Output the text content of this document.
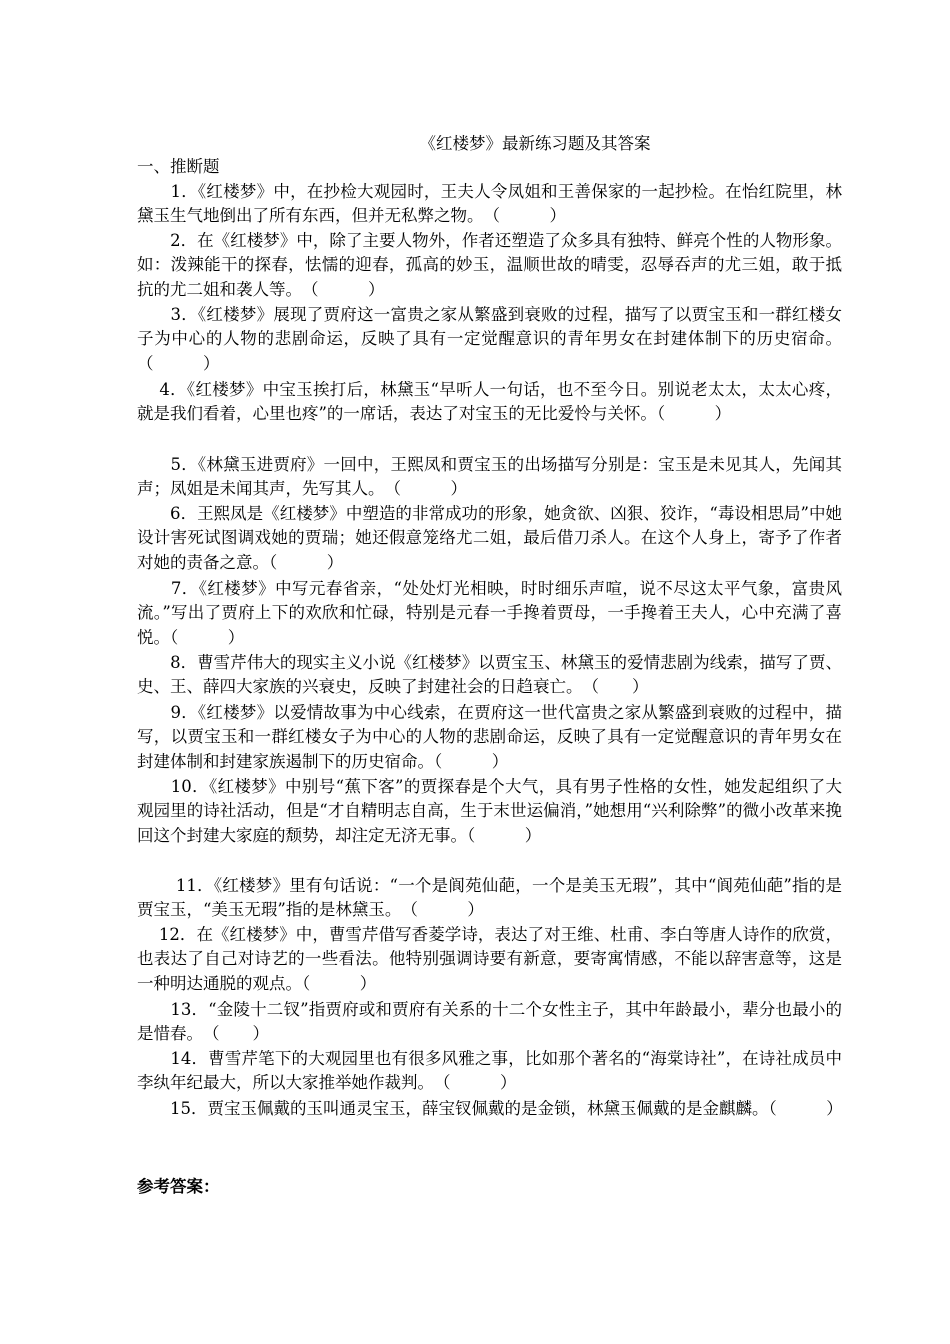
《红楼梦》最新练习题及其答案
一、推断题

　　1．《红楼梦》中，在抄检大观园时，王夫人令凤姐和王善保家的一起抄检。在怡红院里，林黛玉生气地倒出了所有东西，但并无私弊之物。　（　　　）

　　2．在《红楼梦》中，除了主要人物外，作者还塑造了众多具有独特、鲜亮个性的人物形象。如：泼辣能干的探春，怯懦的迎春，孤高的妙玉，温顺世故的晴雯，忍辱吞声的尤三姐，敢于抵抗的尤二姐和袭人等。　（　　　）

　　3．《红楼梦》展现了贾府这一富贵之家从繁盛到衰败的过程，描写了以贾宝玉和一群红楼女子为中心的人物的悲剧命运，反映了具有一定觉醒意识的青年男女在封建体制下的历史宿命。（　　　）

　 4．《红楼梦》中宝玉挨打后，林黛玉“早听人一句话，也不至今日。别说老太太，太太心疼，就是我们看着，心里也疼”的一席话，表达了对宝玉的无比爱怜与关怀。（　　　）

　　5．《林黛玉进贾府》一回中，王熙凤和贾宝玉的出场描写分别是：宝玉是未见其人，先闻其声；凤姐是未闻其声，先写其人。　（　　　）

　　6．王熙凤是《红楼梦》中塑造的非常成功的形象，她贪欲、凶狠、狡诈，“毒设相思局”中她设计害死试图调戏她的贾瑞；她还假意笼络尤二姐，最后借刀杀人。在这个人身上，寄予了作者对她的责备之意。（　　　）

　　7．《红楼梦》中写元春省亲，“处处灯光相映，时时细乐声喧，说不尽这太平气象，富贵风流。”写出了贾府上下的欢欣和忙碌，特别是元春一手搀着贾母，一手搀着王夫人，心中充满了喜悦。（　　　）

　　8．曹雪芹伟大的现实主义小说《红楼梦》以贾宝玉、林黛玉的爱情悲剧为线索，描写了贾、史、王、薛四大家族的兴衰史，反映了封建社会的日趋衰亡。　（　　）

　　9．《红楼梦》以爱情故事为中心线索，在贾府这一世代富贵之家从繁盛到衰败的过程中，描写，以贾宝玉和一群红楼女子为中心的人物的悲剧命运，反映了具有一定觉醒意识的青年男女在封建体制和封建家族遏制下的历史宿命。（　　　）

　　10．《红楼梦》中别号“蕉下客”的贾探春是个大气，具有男子性格的女性，她发起组织了大观园里的诗社活动，但是“才自精明志自高，生于末世运偏消，”她想用“兴利除弊”的微小改革来挽回这个封建大家庭的颓势，却注定无济无事。（　　　）

　　 11．《红楼梦》里有句话说：“一个是阆苑仙葩，一个是美玉无瑕”，其中“阆苑仙葩”指的是贾宝玉，“美玉无瑕”指的是林黛玉。　（　　　）

　 12．在《红楼梦》中，曹雪芹借写香菱学诗，表达了对王维、杜甫、李白等唐人诗作的欣赏，也表达了自己对诗艺的一些看法。他特别强调诗要有新意，要寄寓情感，不能以辞害意等，这是一种明达通脱的观点。（　　　）

　　13．“金陵十二钗”指贾府或和贾府有关系的十二个女性主子，其中年龄最小，辈分也最小的是惜春。　（　　）

　　14．曹雪芹笔下的大观园里也有很多风雅之事，比如那个著名的“海棠诗社”，在诗社成员中李纨年纪最大，所以大家推举她作裁判。　（　　　）

　　15．贾宝玉佩戴的玉叫通灵宝玉，薛宝钗佩戴的是金锁，林黛玉佩戴的是金麒麟。（　　　）

参考答案：
